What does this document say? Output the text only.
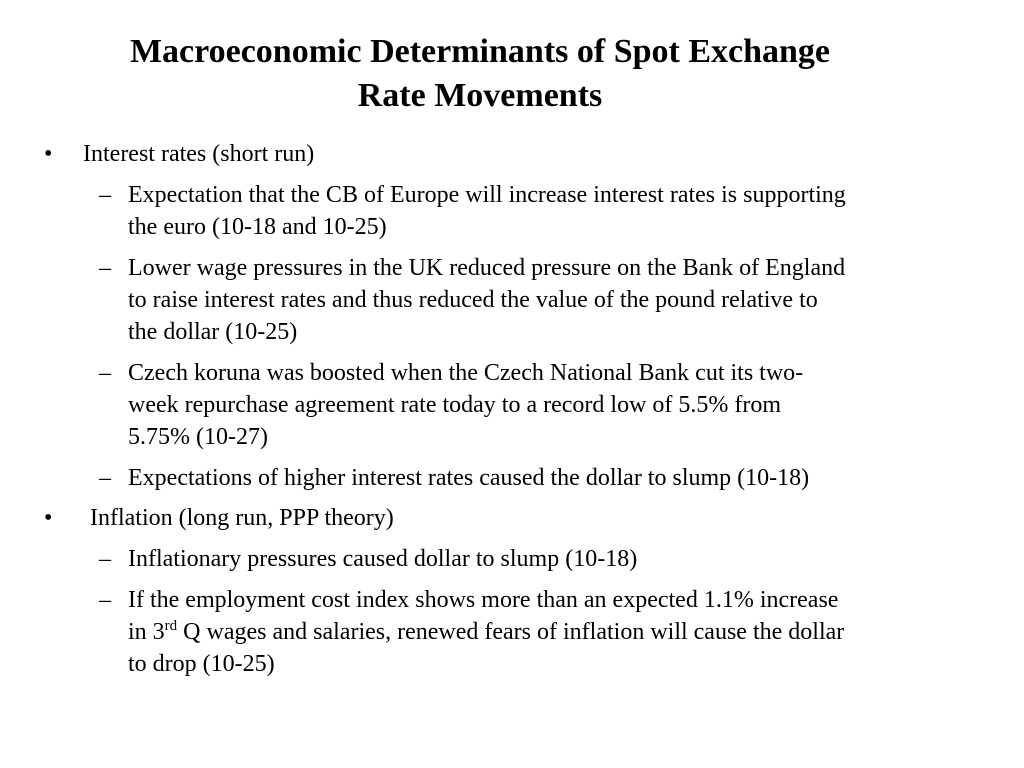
Macroeconomic Determinants of Spot Exchange
Rate Movements
• Interest rates (short run)
– Expectation that the CB of Europe will increase interest rates is supporting
the euro (10-18 and 10-25)
– Lower wage pressures in the UK reduced pressure on the Bank of England
to raise interest rates and thus reduced the value of the pound relative to
the dollar (10-25)
– Czech koruna was boosted when the Czech National Bank cut its two-
week repurchase agreement rate today to a record low of 5.5% from
5.75% (10-27)
– Expectations of higher interest rates caused the dollar to slump (10-18)
• Inflation (long run, PPP theory)
– Inflationary pressures caused dollar to slump (10-18)
– If the employment cost index shows more than an expected 1.1% increase
in 3rd Q wages and salaries, renewed fears of inflation will cause the dollar
to drop (10-25)
